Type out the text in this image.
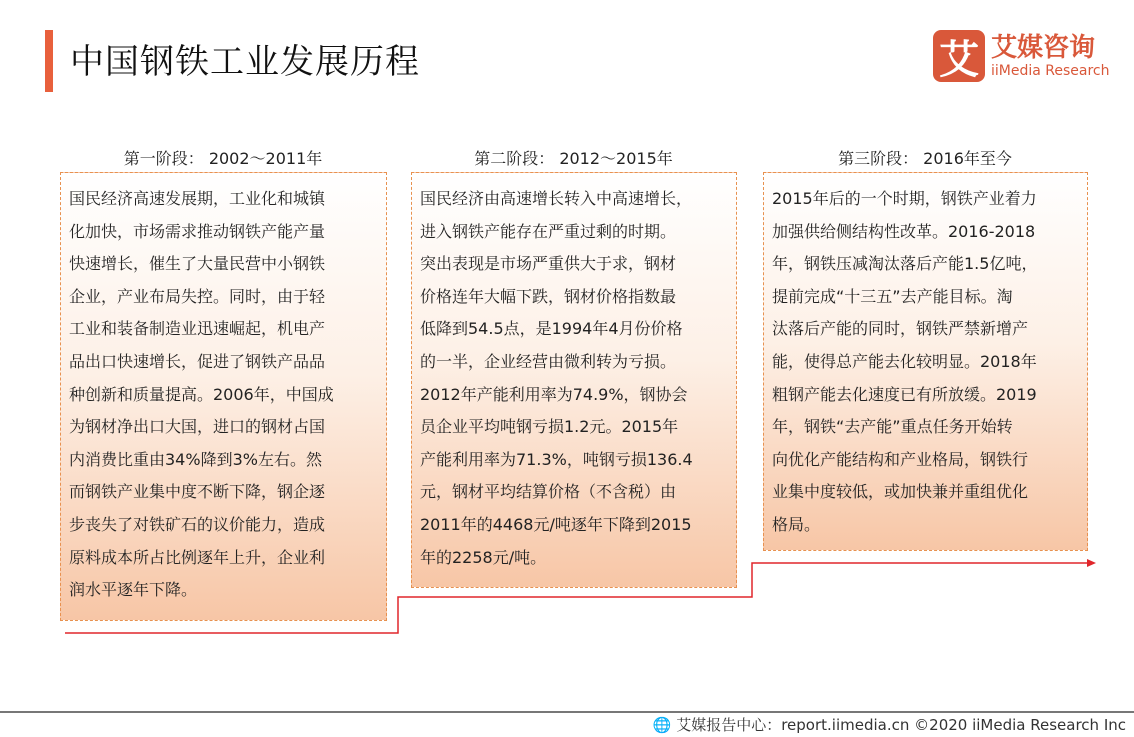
中国钢铁工业发展历程	艾 艾媒咨询
iiMedia Research
第一阶段： 2002～2011年	第二阶段： 2012～2015年	第三阶段： 2016年至今
国民经济高速发展期，工业化和城镇
化加快，市场需求推动钢铁产能产量
快速增长，催生了大量民营中小钢铁
企业，产业布局失控。同时，由于轻
工业和装备制造业迅速崛起，机电产
品出口快速增长，促进了钢铁产品品
种创新和质量提高。2006年，中国成
为钢材净出口大国，进口的钢材占国
内消费比重由34%降到3%左右。然
而钢铁产业集中度不断下降，钢企逐
步丧失了对铁矿石的议价能力，造成
原料成本所占比例逐年上升，企业利
润水平逐年下降。
国民经济由高速增长转入中高速增长，
进入钢铁产能存在严重过剩的时期。
突出表现是市场严重供大于求，钢材
价格连年大幅下跌，钢材价格指数最
低降到54.5点，是1994年4月份价格
的一半，企业经营由微利转为亏损。
2012年产能利用率为74.9%，钢协会
员企业平均吨钢亏损1.2元。2015年
产能利用率为71.3%，吨钢亏损136.4
元，钢材平均结算价格（不含税）由
2011年的4468元/吨逐年下降到2015
年的2258元/吨。
2015年后的一个时期，钢铁产业着力
加强供给侧结构性改革。2016-2018
年，钢铁压减淘汰落后产能1.5亿吨，
提前完成“十三五”去产能目标。淘
汰落后产能的同时，钢铁严禁新增产
能，使得总产能去化较明显。2018年
粗钢产能去化速度已有所放缓。2019
年，钢铁“去产能”重点任务开始转
向优化产能结构和产业格局，钢铁行
业集中度较低，或加快兼并重组优化
格局。
🌐 艾媒报告中心：report.iimedia.cn ©2020 iiMedia Research Inc
